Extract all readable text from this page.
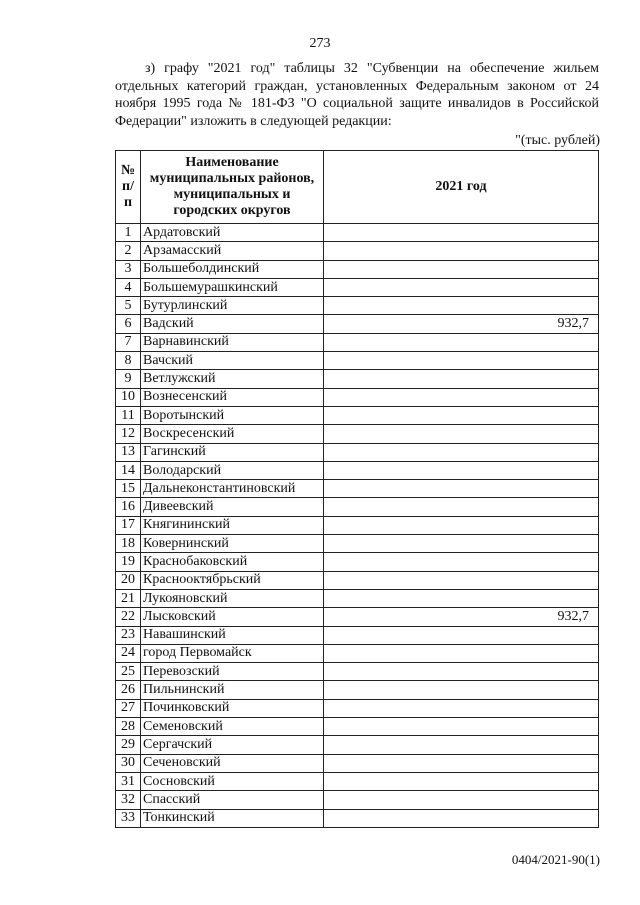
273

з) графу "2021 год" таблицы 32 "Субвенции на обеспечение жильем отдельных категорий граждан, установленных Федеральным законом от 24 ноября 1995 года № 181-ФЗ "О социальной защите инвалидов в Российской Федерации" изложить в следующей редакции:

"(тыс. рублей)
№ п/п	Наименование муниципальных районов, муниципальных и городских округов	2021 год
1	Ардатовский	
2	Арзамасский	
3	Большеболдинский	
4	Большемурашкинский	
5	Бутурлинский	
6	Вадский	932,7
7	Варнавинский	
8	Вачский	
9	Ветлужский	
10	Вознесенский	
11	Воротынский	
12	Воскресенский	
13	Гагинский	
14	Володарский	
15	Дальнеконстантиновский	
16	Дивеевский	
17	Княгининский	
18	Ковернинский	
19	Краснобаковский	
20	Краснооктябрьский	
21	Лукояновский	
22	Лысковский	932,7
23	Навашинский	
24	город Первомайск	
25	Перевозский	
26	Пильнинский	
27	Починковский	
28	Семеновский	
29	Сергачский	
30	Сеченовский	
31	Сосновский	
32	Спасский	
33	Тонкинский	
0404/2021-90(1)
